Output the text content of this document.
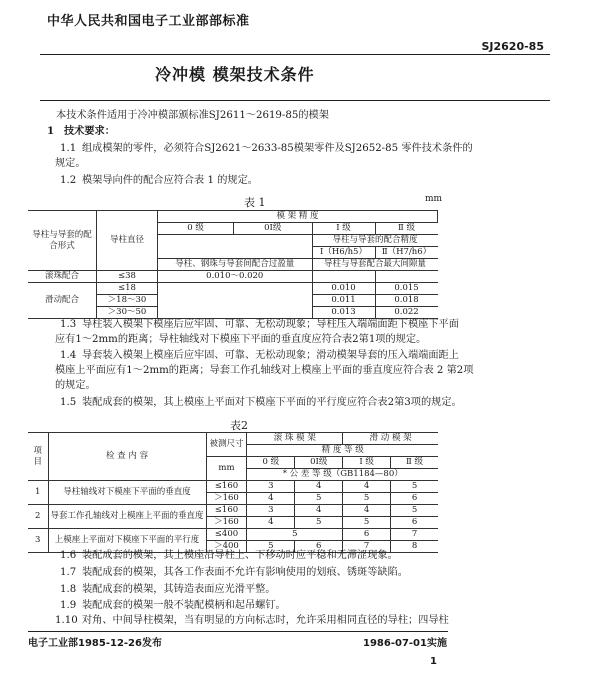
中华人民共和国电子工业部部标准
SJ2620-85
冷冲模 模架技术条件
本技术条件适用于冷冲模部颁标准SJ2611～2619-85的模架
1 技术要求：
1.1 组成模架的零件，必须符合SJ2621～2633-85模架零件及SJ2652-85 零件技术条件的
规定。
1.2 模架导向件的配合应符合表 1 的规定。
表 1	mm
导柱与导套的配合形式	导柱直径	模 架 精 度			
		0 级	0Ⅰ级	Ⅰ 级	Ⅱ 级
				导柱与导套的配合精度	
				Ⅰ（H6/h5）	Ⅱ（H7/h6）
		导柱、钢珠与导套间配合过盈量		导柱与导套配合最大间隙量	
滚珠配合	≤38	0.010～0.020			
滑动配合	≤18			0.010	0.015
	＞18～30			0.011	0.018
	＞30～50			0.013	0.022
1.3 导柱装入模架下模座后应牢固、可靠、无松动现象；导柱压入端端面距下模座下平面
应有1～2mm的距离；导柱轴线对下模座下平面的垂直度应符合表2第1项的规定。
1.4 导套装入模架上模座后应牢固、可靠、无松动现象；滑动模架导套的压入端端面距上
模座上平面应有1～2mm的距离；导套工作孔轴线对上模座上平面的垂直度应符合表 2 第2项
的规定。
1.5 装配成套的模架，其上模座上平面对下模座下平面的平行度应符合表2第3项的规定。
表2
项 目	检 查 内 容	被测尺寸	滚 珠 模 架		滑 动 模 架	
			精 度 等 级			
		mm	0 级	0Ⅰ级	Ⅰ 级	Ⅱ 级
			* 公 差 等 级（GB1184—80）			
1	导柱轴线对下模座下平面的垂直度	≤160	3	4	4	5
		＞160	4	5	5	6
2	导套工作孔轴线对上模座上平面的垂直度	≤160	3	4	4	5
		＞160	4	5	5	6
3	上模座上平面对下模座下平面的平行度	≤400	5		6	7
		＞400	5	6	7	8
1.6 装配成套的模架，其上模座沿导柱上、下移动时应平稳和无滞涩现象。
1.7 装配成套的模架，其各工作表面不允许有影响使用的划痕、锈斑等缺陷。
1.8 装配成套的模架，其铸造表面应光滑平整。
1.9 装配成套的模架一般不装配模柄和起吊螺钉。
1.10 对角、中间导柱模架，当有明显的方向标志时，允许采用相同直径的导柱；四导柱
电子工业部1985-12-26发布	1986-07-01实施
1
